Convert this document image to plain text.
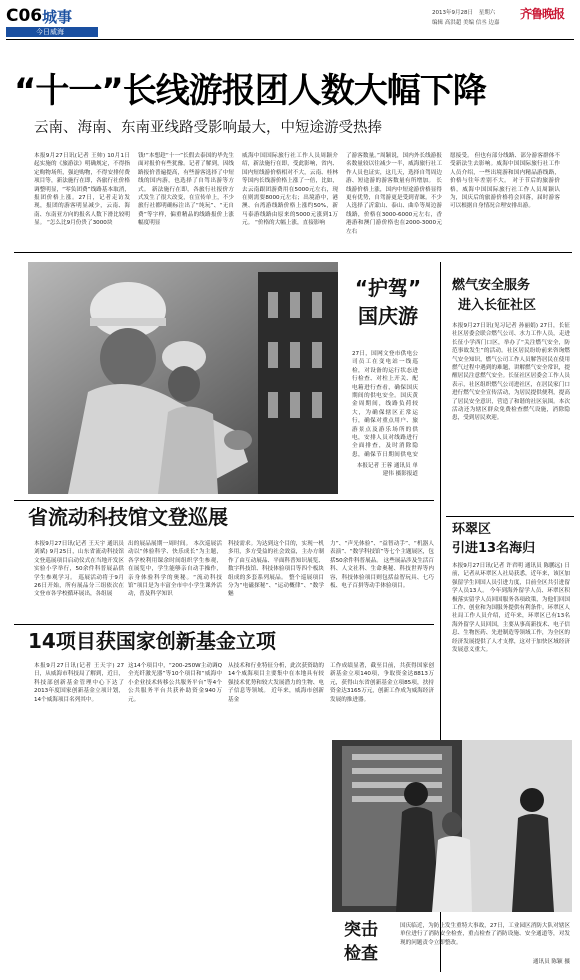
C06 城事
今日威海
2013年9月28日 星期六
编辑 高洪超 美编 信丞 边嘉
齐鲁晚报
“十一”长线游报团人数大幅下降
云南、海南、东南亚线路受影响最大，中短途游受热捧
本报9月27日讯(记者 王帅) 10月1日起实施的《旅游法》明确规定，不得指定购物场所，强迫购物，不得安排付费项目等，新法施行在即，各旅行社价格调整明显，“零负团费”线路基本取消，报团价格上涨。27日，记者走访发现，报团的游客明显减少，云南、海南、东南亚方向的报名人数下滑比较明显。 “怎么比9月份贵了3000块
钱!”本想趁“十一”长假去泰国的毕先生面对报价有些犹豫。记者了解到，因线路报价普遍提高，有些游客选择了中短线的国内游，也选择了自驾出游等方式。 新法施行在即，各旅行社报价方式发生了很大改变，在宣传单上，不少旅行社都明确标注出了“纯玩”、“无自费”等字样，偏重精品的线路报价上涨幅度明显
威海中国国际旅行社工作人员周颖介绍，新法施行在即，受此影响，省内、国内短线游价格相对不大，云南、桂林等国内长线游价格上涨了一倍，比如，去云南跟团游费用在5000元左右，现在则需要8000元左右；出境游中，港澳、台湾游线路价格上涨约50%，新马泰游线路由原来的5000元涨到1万元。 “价格的大幅上涨，直接影响
了游客数量。”周颖说，国内外长线游报名数量较以往减少一半，威海旅行社工作人员也证实，这几天，选择自驾周边游、短途游的游客数量有所增加。 长线游价格上涨，国内中短途游价格显得更有优势，自驾游更是受到青睐。不少人选择了沂蒙山、泰山、曲阜等周边游线路，价格在3000-6000元左右，香港游和澳门游价格也在2000-3000元左右
愿接受。 但也有部分线路、部分游客群体不受新法生去影响。威海中国国际旅行社工作人员介绍，一些出境游和国内精品游线路，价格与往年差别不大。 对于节后的旅游价格，威海中国国际旅行社工作人员周颖认为，国庆后的旅游价格将会回落，届时游客可以根据自身情况合理安排出游。
“护驾”
国庆游
27日，国网文登市供电公司员工在变电站一线巡检，对设备的运行状态进行检查、对柱上开关、配电箱进行查看，确保国庆期间的供电安全。国庆黄金周期间，线路负荷较大，为确保辖区正常运行，确保对重点用户、旅游景点及游乐场所的供电，安排人员对线路进行全面排查，及时消除隐患，确保节日期间供电安
本报记者 王蓉 通讯员 单建伟 摄影报道
燃气安全服务
进入长征社区
本报9月27日讯(见习记者 孙丽娟) 27日，长征社区居委会联合燃气公司、水力工作人员，走进长征小学西门口区，举办了“关注燃气安全，防范事故发生”的活动。社区居民纷纷前来咨询燃气安全知识，燃气公司工作人员解答居民在使用燃气过程中遇到的难题，讲解燃气安全常识，提醒居民注意燃气安全。长征社区居委会工作人员表示，社区组织燃气公司进社区，在居民家门口进行燃气安全宣传活动，为居民提供便利，提高了居民安全意识，营造了和谐的社区氛围。本次活动还为辖区群众免费检查燃气设施，消除隐患，受到居民欢迎。
环翠区
引进13名海归
本报9月27日讯(记者 许君明 通讯员 陈鹏远) 日前，记者从环翠区人社局获悉，近年来，该区加强留学生回国人员引进力度，目前全区共引进留学人员13人。 今年到海外留学人员、环翠区积极落实留学人员回国服务各项政策，为他们回国工作、创业和为国服务提供有利条件。环翠区人社局工作人员介绍，近年来，环翠区已有13名海外留学人员回国，主要从事高新技术、电子信息、生物医药、先进制造等领域工作，为全区的经济发展提供了人才支撑，这对于加快区域经济发展意义重大。
省流动科技馆文登巡展
本报9月27日讯(记者 王天宇 通讯员 刘斌) 9月25日，山东省流动科技馆文登巡展项目启动仪式在当地开发区实验小学举行，50余件科普展品供学生参观学习。 巡展活动将于9月26日开始，所有展品分三组依次在文登市各学校循环展出，各组展
出的展品展期一周时间。 本次巡展活动以“体验科学、快乐成长”为主题，各学校利用课余时间组织学生参观，在展览中，学生能够亲自动手操作，亲身体验科学的奥秘。“流动科技馆”项目是为丰富全市中小学生课外活动，普及科学知识
科技需求。为达到这个目的，实现一机多用，多方受益的社会效益，主办方制作了由互动展品、平面科普知识展览、数字科技馆、科技体验项目等四个板块组成的多套系列展品。 整个巡展项目分为“电磁探秘”、“运动概律”、“数学魅
力”、“声光体验”、“益智动手”、“机器人表演”、“数学科技馆”等七个主题展区，包括50余件科普展品。 这些展品涉及生活百科、人文社科、生命奥秘、科技世界等内容，科技体验项目则包括益智玩具、七巧板、电子百拼等动手体验项目。
14项目获国家创新基金立项
本报9月27日讯(记者 王天宇) 27日，从威海市科技局了解到，近日，科技部创新基金管理中心下达了2013年度国家创新基金立项计划，14个威海项目名列其中。
这14个项目中，“200-250W主动调Q全光纤激光器”等10个项目和“威海中小企业技术转移公共服务平台”等4个公共服务平台共获补助资金940万元。
从技术和行业特征分析，此次获资助的14个威海项目主要集中在本地具有较强技术优势和较大发展潜力的生物、电子信息等领域。 近年来，威海市创新基金
工作成绩显著，截至目前，共获得国家创新基金立项140项，争取资金达8813万元，获得山东省创新基金立项85项，扶持资金达3165万元，创新工作成为威海经济发展的推进器。
突击
检查
国庆临近，为防止发生重特大事故，27日，工业园区消防大队对辖区单位进行了消防安全检查，重点检查了消防设施、安全通道等，对发现的问题责令立即整改。
通讯员 陈颖 摄
